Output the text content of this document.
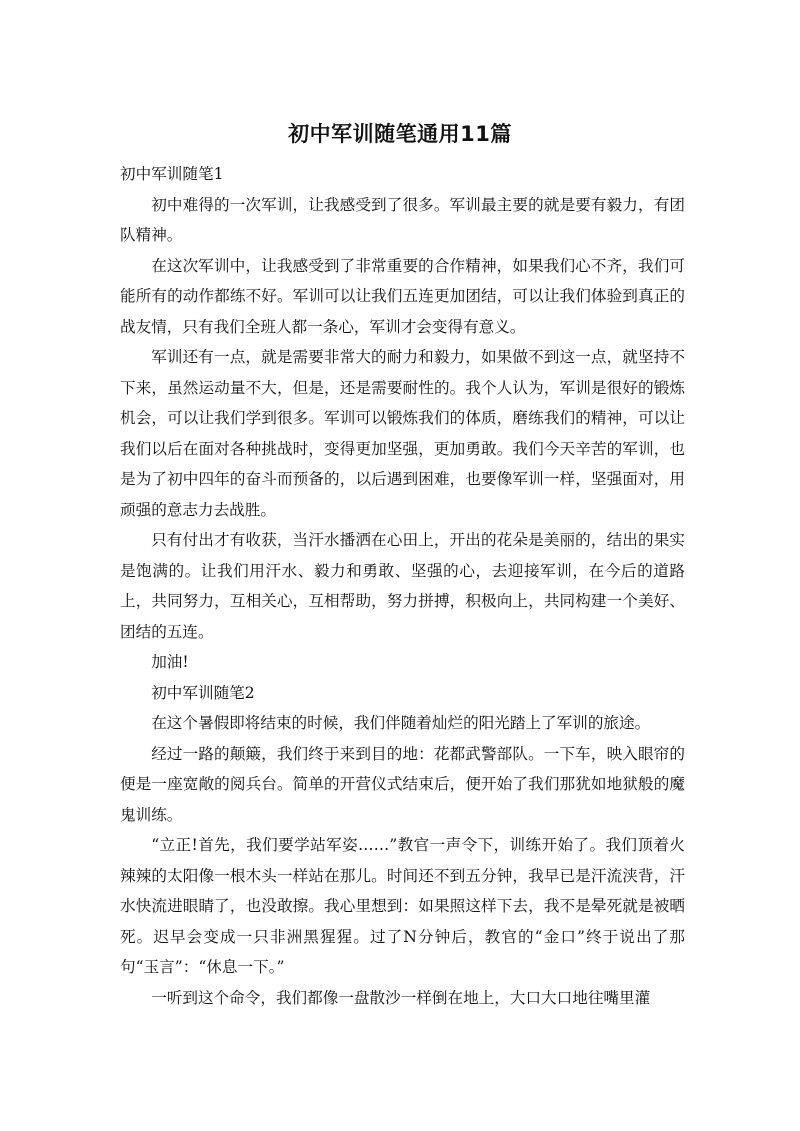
初中军训随笔通用11篇

初中军训随笔1

初中难得的一次军训，让我感受到了很多。军训最主要的就是要有毅力，有团队精神。

在这次军训中，让我感受到了非常重要的合作精神，如果我们心不齐，我们可能所有的动作都练不好。军训可以让我们五连更加团结，可以让我们体验到真正的战友情，只有我们全班人都一条心，军训才会变得有意义。

军训还有一点，就是需要非常大的耐力和毅力，如果做不到这一点，就坚持不下来，虽然运动量不大，但是，还是需要耐性的。我个人认为，军训是很好的锻炼机会，可以让我们学到很多。军训可以锻炼我们的体质，磨练我们的精神，可以让我们以后在面对各种挑战时，变得更加坚强，更加勇敢。我们今天辛苦的军训，也是为了初中四年的奋斗而预备的，以后遇到困难，也要像军训一样，坚强面对，用顽强的意志力去战胜。

只有付出才有收获，当汗水播洒在心田上，开出的花朵是美丽的，结出的果实是饱满的。让我们用汗水、毅力和勇敢、坚强的心，去迎接军训，在今后的道路上，共同努力，互相关心，互相帮助，努力拼搏，积极向上，共同构建一个美好、团结的五连。

加油!

初中军训随笔2

在这个暑假即将结束的时候，我们伴随着灿烂的阳光踏上了军训的旅途。

经过一路的颠簸，我们终于来到目的地：花都武警部队。一下车，映入眼帘的便是一座宽敞的阅兵台。简单的开营仪式结束后，便开始了我们那犹如地狱般的魔鬼训练。

“立正!首先，我们要学站军姿……”教官一声令下，训练开始了。我们顶着火辣辣的太阳像一根木头一样站在那儿。时间还不到五分钟，我早已是汗流浃背，汗水快流进眼睛了，也没敢擦。我心里想到：如果照这样下去，我不是晕死就是被晒死。迟早会变成一只非洲黑猩猩。过了N分钟后，教官的“金口”终于说出了那句“玉言”：“休息一下。”

一听到这个命令，我们都像一盘散沙一样倒在地上，大口大口地往嘴里灌
